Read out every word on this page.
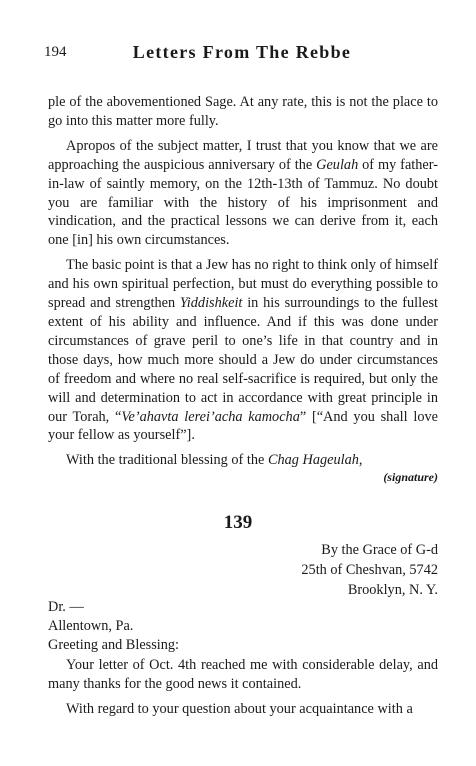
194	Letters From The Rebbe

ple of the abovementioned Sage. At any rate, this is not the place to go into this matter more fully.

Apropos of the subject matter, I trust that you know that we are approaching the auspicious anniversary of the Geulah of my father-in-law of saintly memory, on the 12th-13th of Tammuz. No doubt you are familiar with the history of his imprisonment and vindication, and the practical lessons we can derive from it, each one [in] his own circumstances.

The basic point is that a Jew has no right to think only of himself and his own spiritual perfection, but must do everything possible to spread and strengthen Yiddishkeit in his surroundings to the fullest extent of his ability and influence. And if this was done under circumstances of grave peril to one’s life in that country and in those days, how much more should a Jew do under circumstances of freedom and where no real self-sacrifice is required, but only the will and determination to act in accordance with great principle in our Torah, “Ve’ahavta lerei’acha kamocha” [“And you shall love your fellow as yourself”].

With the traditional blessing of the Chag Hageulah,

(signature)
139
By the Grace of G-d
25th of Cheshvan, 5742
Brooklyn, N. Y.
Dr. —
Allentown, Pa.
Greeting and Blessing:

Your letter of Oct. 4th reached me with considerable delay, and many thanks for the good news it contained.

With regard to your question about your acquaintance with a
